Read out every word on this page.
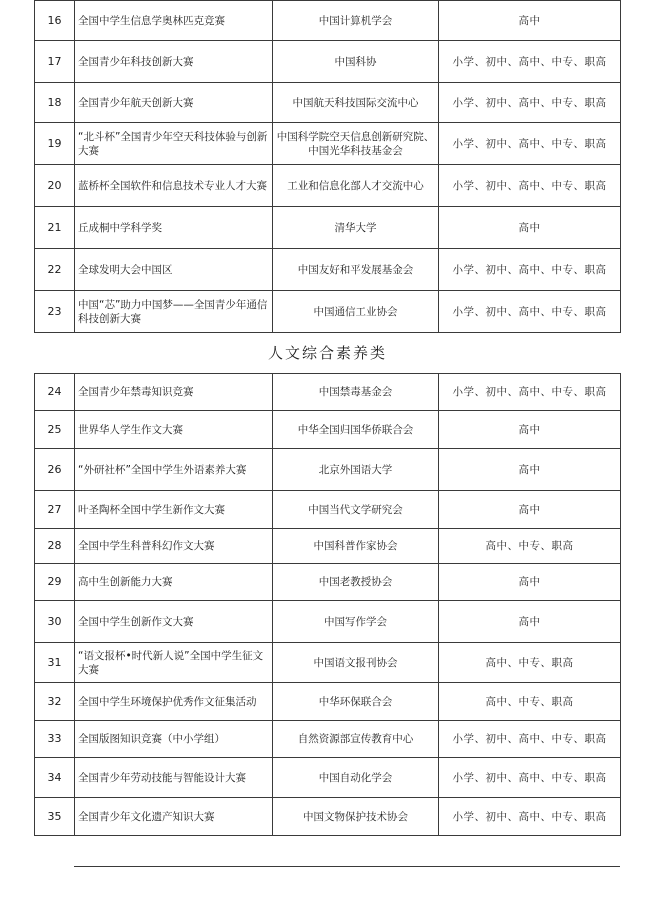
16	全国中学生信息学奥林匹克竞赛	中国计算机学会	高中
17	全国青少年科技创新大赛	中国科协	小学、初中、高中、中专、职高
18	全国青少年航天创新大赛	中国航天科技国际交流中心	小学、初中、高中、中专、职高
19	“北斗杯”全国青少年空天科技体验与创新大赛	中国科学院空天信息创新研究院、中国光华科技基金会	小学、初中、高中、中专、职高
20	蓝桥杯全国软件和信息技术专业人才大赛	工业和信息化部人才交流中心	小学、初中、高中、中专、职高
21	丘成桐中学科学奖	清华大学	高中
22	全球发明大会中国区	中国友好和平发展基金会	小学、初中、高中、中专、职高
23	中国“芯”助力中国梦——全国青少年通信科技创新大赛	中国通信工业协会	小学、初中、高中、中专、职高
人文综合素养类			
24	全国青少年禁毒知识竞赛	中国禁毒基金会	小学、初中、高中、中专、职高
25	世界华人学生作文大赛	中华全国归国华侨联合会	高中
26	“外研社杯”全国中学生外语素养大赛	北京外国语大学	高中
27	叶圣陶杯全国中学生新作文大赛	中国当代文学研究会	高中
28	全国中学生科普科幻作文大赛	中国科普作家协会	高中、中专、职高
29	高中生创新能力大赛	中国老教授协会	高中
30	全国中学生创新作文大赛	中国写作学会	高中
31	“语文报杯•时代新人说”全国中学生征文大赛	中国语文报刊协会	高中、中专、职高
32	全国中学生环境保护优秀作文征集活动	中华环保联合会	高中、中专、职高
33	全国版图知识竞赛（中小学组）	自然资源部宣传教育中心	小学、初中、高中、中专、职高
34	全国青少年劳动技能与智能设计大赛	中国自动化学会	小学、初中、高中、中专、职高
35	全国青少年文化遗产知识大赛	中国文物保护技术协会	小学、初中、高中、中专、职高
